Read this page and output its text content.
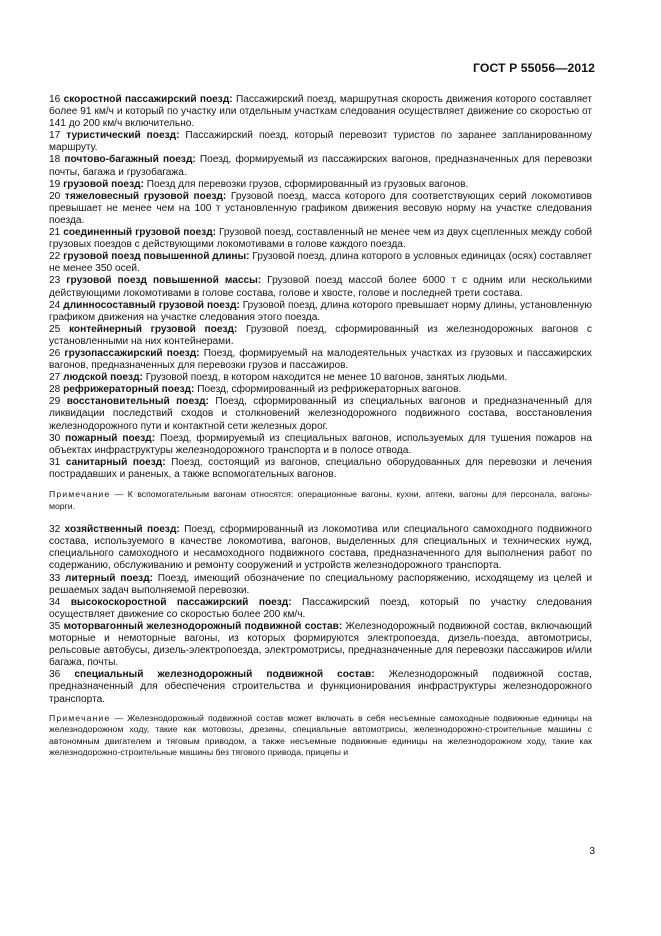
ГОСТ Р 55056—2012

16 скоростной пассажирский поезд: Пассажирский поезд, маршрутная скорость движения которого составляет более 91 км/ч и который по участку или отдельным участкам следования осуществляет движение со скоростью от 141 до 200 км/ч включительно.

17 туристический поезд: Пассажирский поезд, который перевозит туристов по заранее запланированному маршруту.

18 почтово-багажный поезд: Поезд, формируемый из пассажирских вагонов, предназначенных для перевозки почты, багажа и грузобагажа.

19 грузовой поезд: Поезд для перевозки грузов, сформированный из грузовых вагонов.

20 тяжеловесный грузовой поезд: Грузовой поезд, масса которого для соответствующих серий локомотивов превышает не менее чем на 100 т установленную графиком движения весовую норму на участке следования поезда.

21 соединенный грузовой поезд: Грузовой поезд, составленный не менее чем из двух сцепленных между собой грузовых поездов с действующими локомотивами в голове каждого поезда.

22 грузовой поезд повышенной длины: Грузовой поезд, длина которого в условных единицах (осях) составляет не менее 350 осей.

23 грузовой поезд повышенной массы: Грузовой поезд массой более 6000 т с одним или несколькими действующими локомотивами в голове состава, голове и хвосте, голове и последней трети состава.

24 длинносоставный грузовой поезд: Грузовой поезд, длина которого превышает норму длины, установленную графиком движения на участке следования этого поезда.

25 контейнерный грузовой поезд: Грузовой поезд, сформированный из железнодорожных вагонов с установленными на них контейнерами.

26 грузопассажирский поезд: Поезд, формируемый на малодеятельных участках из грузовых и пассажирских вагонов, предназначенных для перевозки грузов и пассажиров.

27 людской поезд: Грузовой поезд, в котором находится не менее 10 вагонов, занятых людьми.

28 рефрижераторный поезд: Поезд, сформированный из рефрижераторных вагонов.

29 восстановительный поезд: Поезд, сформированный из специальных вагонов и предназначенный для ликвидации последствий сходов и столкновений железнодорожного подвижного состава, восстановления железнодорожного пути и контактной сети железных дорог.

30 пожарный поезд: Поезд, формируемый из специальных вагонов, используемых для тушения пожаров на объектах инфраструктуры железнодорожного транспорта и в полосе отвода.

31 санитарный поезд: Поезд, состоящий из вагонов, специально оборудованных для перевозки и лечения пострадавших и раненых, а также вспомогательных вагонов.

Примечание — К вспомогательным вагонам относятся: операционные вагоны, кухни, аптеки, вагоны для персонала, вагоны-морги.

32 хозяйственный поезд: Поезд, сформированный из локомотива или специального самоходного подвижного состава, используемого в качестве локомотива, вагонов, выделенных для специальных и технических нужд, специального самоходного и несамоходного подвижного состава, предназначенного для выполнения работ по содержанию, обслуживанию и ремонту сооружений и устройств железнодорожного транспорта.

33 литерный поезд: Поезд, имеющий обозначение по специальному распоряжению, исходящему из целей и решаемых задач выполняемой перевозки.

34 высокоскоростной пассажирский поезд: Пассажирский поезд, который по участку следования осуществляет движение со скоростью более 200 км/ч.

35 моторвагонный железнодорожный подвижной состав: Железнодорожный подвижной состав, включающий моторные и немоторные вагоны, из которых формируются электропоезда, дизель-поезда, автомотрисы, рельсовые автобусы, дизель-электропоезда, электромотрисы, предназначенные для перевозки пассажиров и/или багажа, почты.

36 специальный железнодорожный подвижной состав: Железнодорожный подвижной состав, предназначенный для обеспечения строительства и функционирования инфраструктуры железнодорожного транспорта.

Примечание — Железнодорожный подвижной состав может включать в себя несъемные самоходные подвижные единицы на железнодорожном ходу, такие как мотовозы, дрезины, специальные автомотрисы, железнодорожно-строительные машины с автономным двигателем и тяговым приводом, а также несъемные подвижные единицы на железнодорожном ходу, такие как железнодорожно-строительные машины без тягового привода, прицепы и

3
